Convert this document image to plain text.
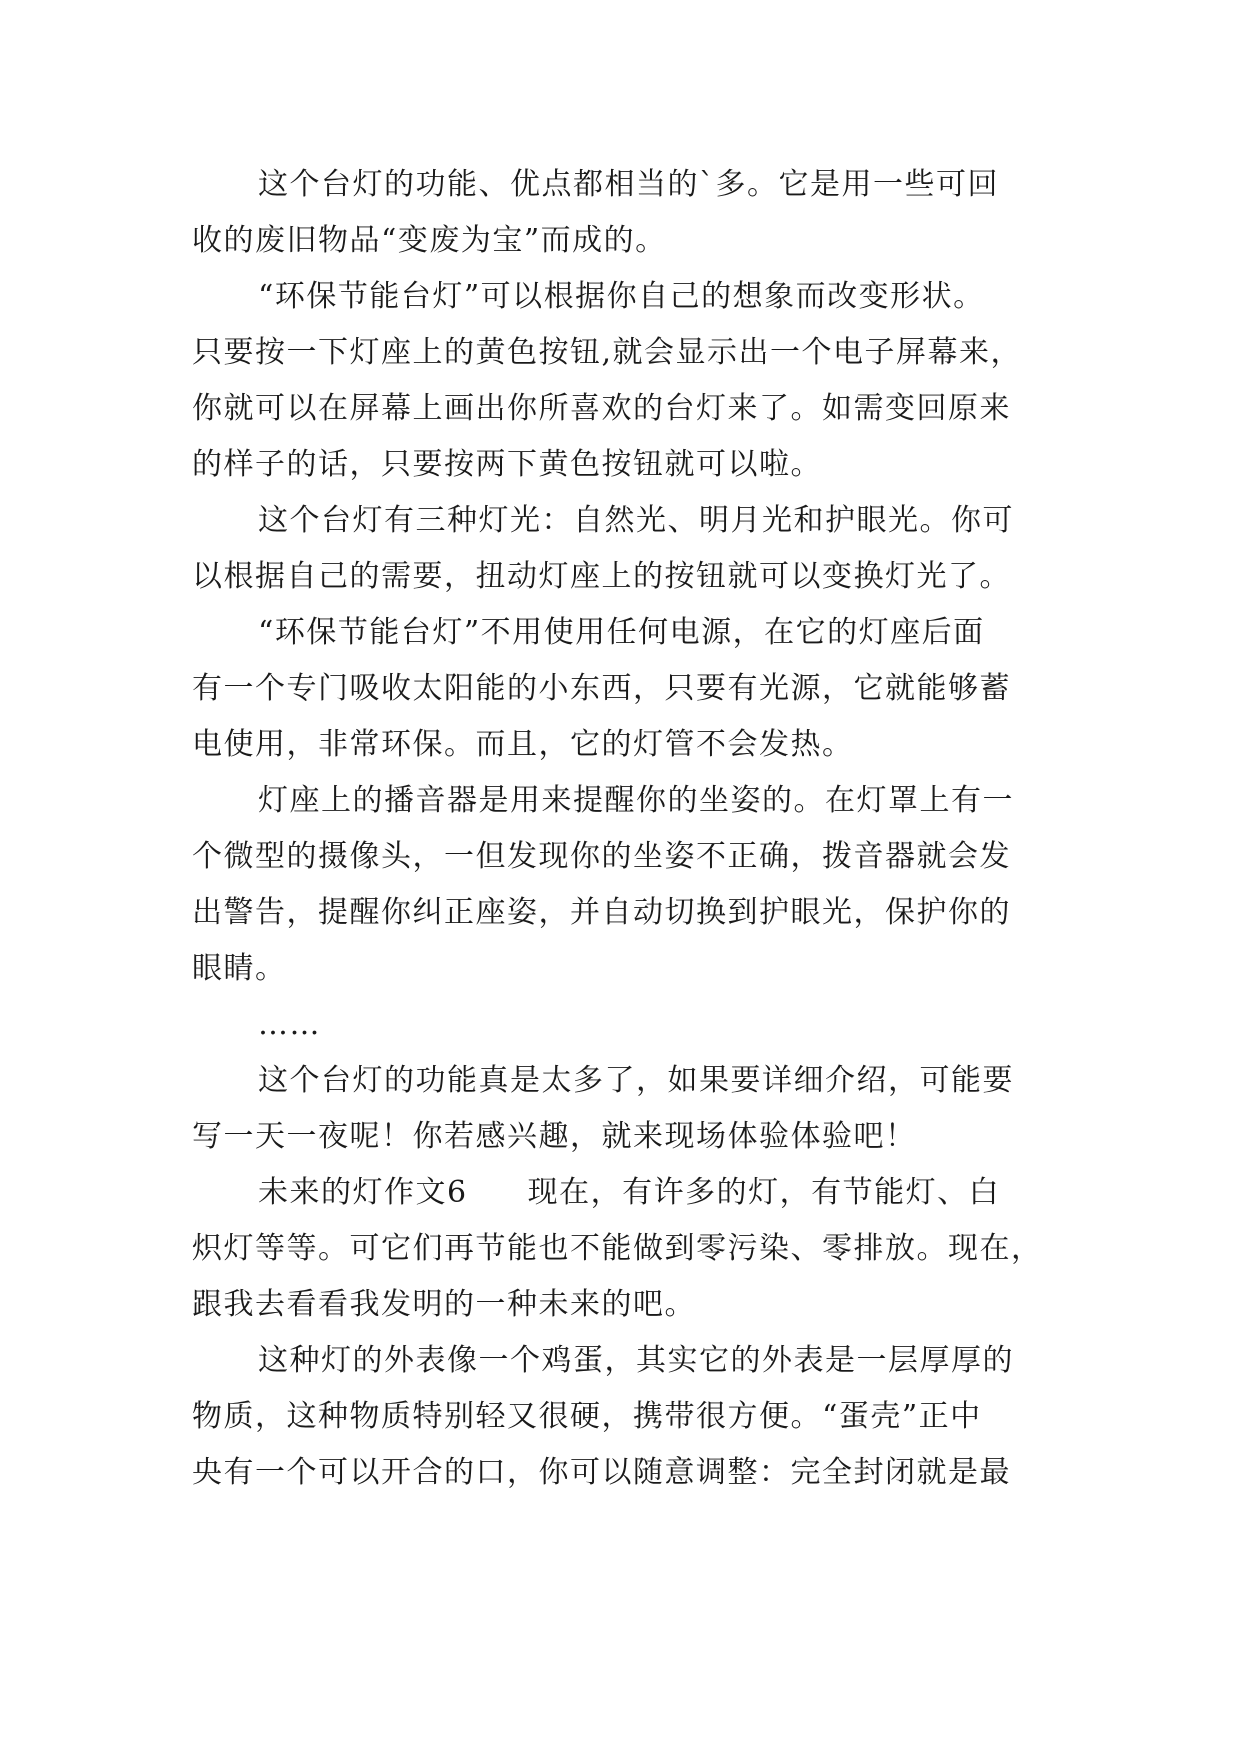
这个台灯的功能、优点都相当的`多。它是用一些可回

收的废旧物品“变废为宝”而成的。

“环保节能台灯”可以根据你自己的想象而改变形状。

只要按一下灯座上的黄色按钮,就会显示出一个电子屏幕来，

你就可以在屏幕上画出你所喜欢的台灯来了。如需变回原来

的样子的话，只要按两下黄色按钮就可以啦。

这个台灯有三种灯光：自然光、明月光和护眼光。你可

以根据自己的需要，扭动灯座上的按钮就可以变换灯光了。

“环保节能台灯”不用使用任何电源，在它的灯座后面

有一个专门吸收太阳能的小东西，只要有光源，它就能够蓄

电使用，非常环保。而且，它的灯管不会发热。

灯座上的播音器是用来提醒你的坐姿的。在灯罩上有一

个微型的摄像头，一但发现你的坐姿不正确，拨音器就会发

出警告，提醒你纠正座姿，并自动切换到护眼光，保护你的

眼睛。

……

这个台灯的功能真是太多了，如果要详细介绍，可能要

写一天一夜呢！你若感兴趣，就来现场体验体验吧！

未来的灯作文6 现在，有许多的灯，有节能灯、白

炽灯等等。可它们再节能也不能做到零污染、零排放。现在，

跟我去看看我发明的一种未来的吧。

这种灯的外表像一个鸡蛋，其实它的外表是一层厚厚的

物质，这种物质特别轻又很硬，携带很方便。“蛋壳”正中

央有一个可以开合的口，你可以随意调整：完全封闭就是最
